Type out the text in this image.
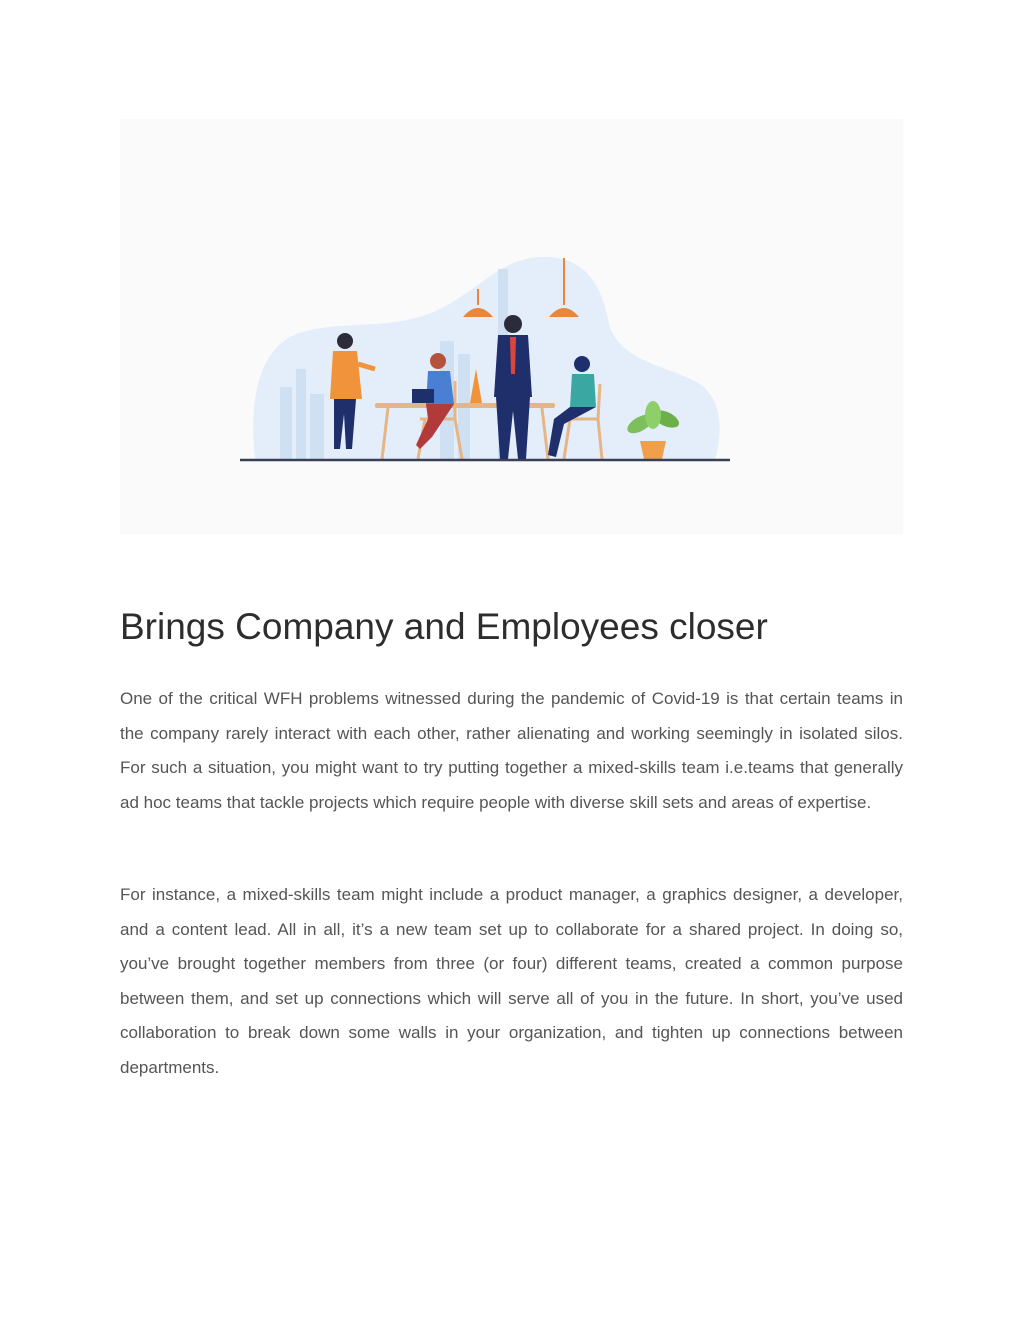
Brings Company and Employees closer

One of the critical WFH problems witnessed during the pandemic of Covid-19 is that certain teams in the company rarely interact with each other, rather alienating and working seemingly in isolated silos. For such a situation, you might want to try putting together a mixed-skills team i.e.teams that generally ad hoc teams that tackle projects which require people with diverse skill sets and areas of expertise.

For instance, a mixed-skills team might include a product manager, a graphics designer, a developer, and a content lead. All in all, it’s a new team set up to collaborate for a shared project. In doing so, you’ve brought together members from three (or four) different teams, created a common purpose between them, and set up connections which will serve all of you in the future. In short, you’ve used collaboration to break down some walls in your organization, and tighten up connections between departments.
